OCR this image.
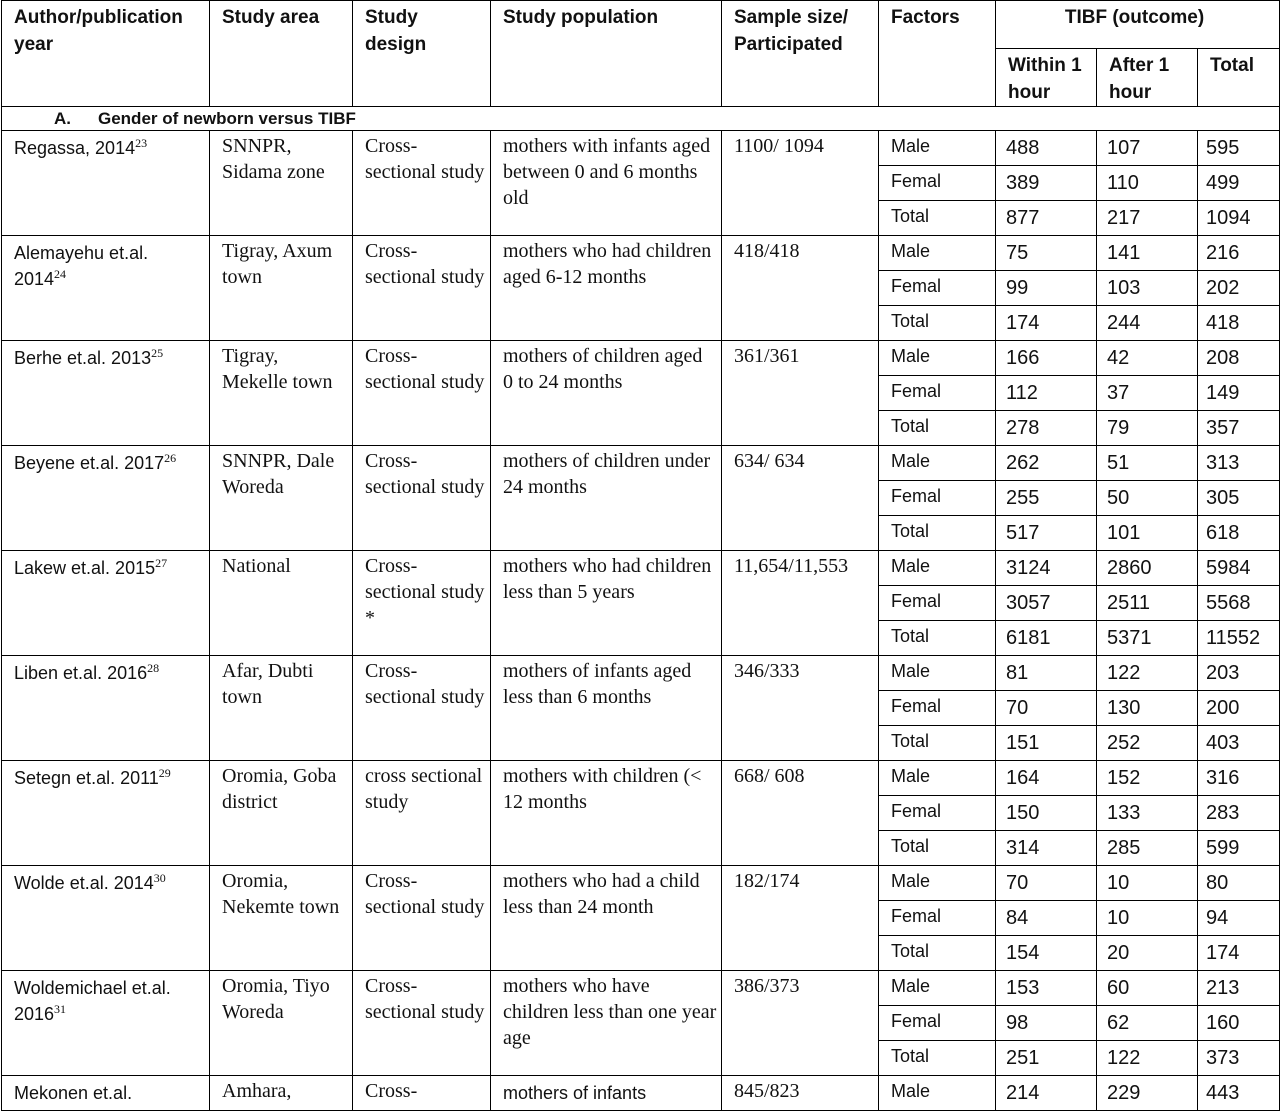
Author/publication year	Study area	Study design	Study population	Sample size/ Participated	Factors	TIBF (outcome)		
						Within 1 hour	After 1 hour	Total
A. Gender of newborn versus TIBF								
Regassa, 2014$^{23}$	SNNPR, Sidama zone	Cross-sectional study	mothers with infants aged between 0 and 6 months old	1100/ 1094	Male	488	107	595
					Femal	389	110	499
					Total	877	217	1094
Alemayehu et.al. 2014$^{24}$	Tigray, Axum town	Cross-sectional study	mothers who had children aged 6-12 months	418/418	Male	75	141	216
					Femal	99	103	202
					Total	174	244	418
Berhe et.al. 2013$^{25}$	Tigray, Mekelle town	Cross-sectional study	mothers of children aged 0 to 24 months	361/361	Male	166	42	208
					Femal	112	37	149
					Total	278	79	357
Beyene et.al. 2017$^{26}$	SNNPR, Dale Woreda	Cross-sectional study	mothers of children under 24 months	634/ 634	Male	262	51	313
					Femal	255	50	305
					Total	517	101	618
Lakew et.al. 2015$^{27}$	National	Cross-sectional study *	mothers who had children less than 5 years	11,654/11,553	Male	3124	2860	5984
					Femal	3057	2511	5568
					Total	6181	5371	11552
Liben et.al. 2016$^{28}$	Afar, Dubti town	Cross-sectional study	mothers of infants aged less than 6 months	346/333	Male	81	122	203
					Femal	70	130	200
					Total	151	252	403
Setegn et.al. 2011$^{29}$	Oromia, Goba district	cross sectional study	mothers with children (< 12 months	668/ 608	Male	164	152	316
					Femal	150	133	283
					Total	314	285	599
Wolde et.al. 2014$^{30}$	Oromia, Nekemte town	Cross-sectional study	mothers who had a child less than 24 month	182/174	Male	70	10	80
					Femal	84	10	94
					Total	154	20	174
Woldemichael et.al. 2016$^{31}$	Oromia, Tiyo Woreda	Cross-sectional study	mothers who have children less than one year age	386/373	Male	153	60	213
					Femal	98	62	160
					Total	251	122	373
Mekonen et.al.	Amhara,	Cross-	mothers of infants	845/823	Male	214	229	443
